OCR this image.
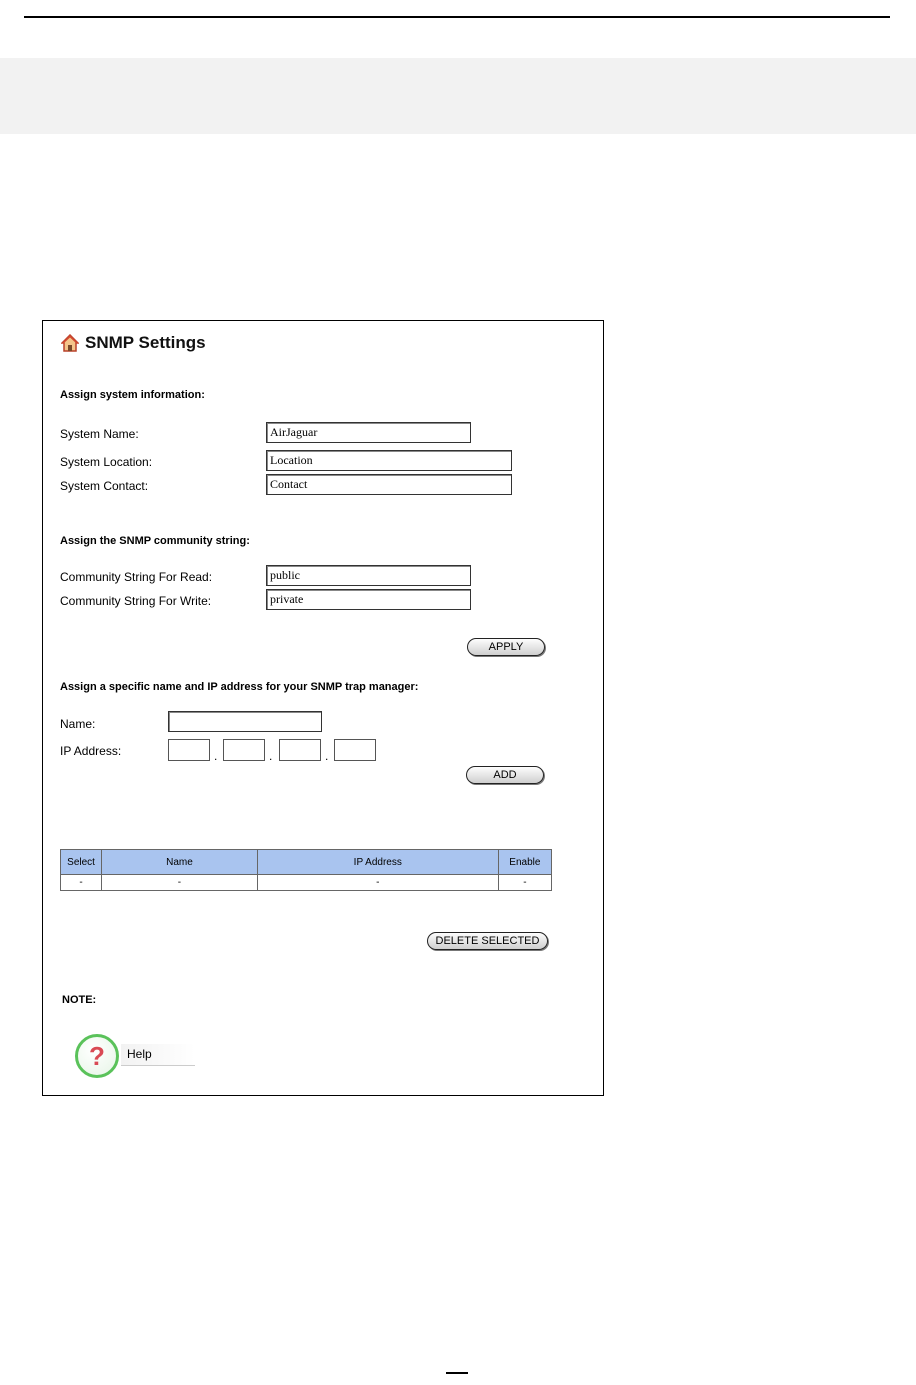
SNMP Settings
Assign system information:
System Name:
AirJaguar
System Location:
Location
System Contact:
Contact
Assign the SNMP community string:
Community String For Read:
public
Community String For Write:
private
APPLY
Assign a specific name and IP address for your SNMP trap manager:
Name:
IP Address:	.	.	.
ADD
Select	Name	IP Address	Enable
-	-	-	-
DELETE SELECTED
NOTE:
?	Help
